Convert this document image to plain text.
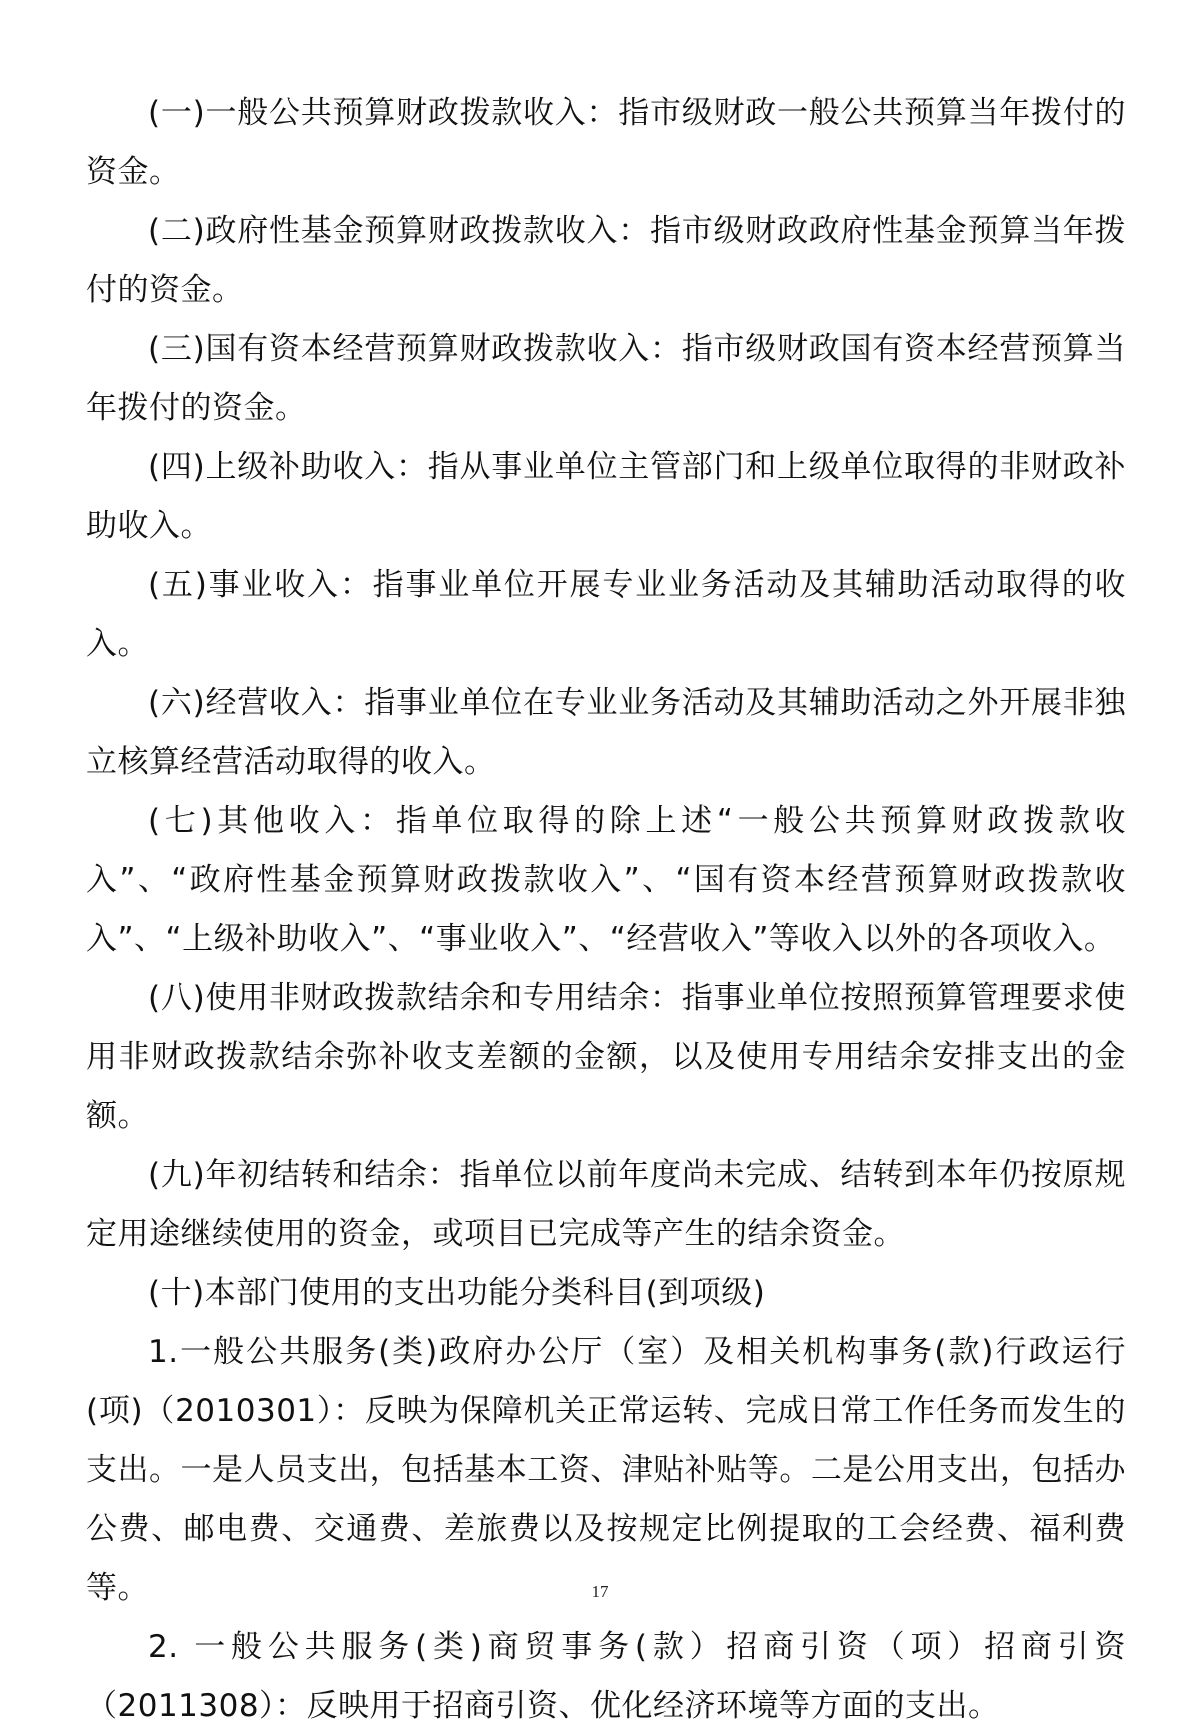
(一)一般公共预算财政拨款收入：指市级财政一般公共预算当年拨付的资金。

(二)政府性基金预算财政拨款收入：指市级财政政府性基金预算当年拨付的资金。

(三)国有资本经营预算财政拨款收入：指市级财政国有资本经营预算当年拨付的资金。

(四)上级补助收入：指从事业单位主管部门和上级单位取得的非财政补助收入。

(五)事业收入：指事业单位开展专业业务活动及其辅助活动取得的收入。

(六)经营收入：指事业单位在专业业务活动及其辅助活动之外开展非独立核算经营活动取得的收入。

(七)其他收入：指单位取得的除上述“一般公共预算财政拨款收入”、“政府性基金预算财政拨款收入”、“国有资本经营预算财政拨款收入”、“上级补助收入”、“事业收入”、“经营收入”等收入以外的各项收入。

(八)使用非财政拨款结余和专用结余：指事业单位按照预算管理要求使用非财政拨款结余弥补收支差额的金额，以及使用专用结余安排支出的金额。

(九)年初结转和结余：指单位以前年度尚未完成、结转到本年仍按原规定用途继续使用的资金，或项目已完成等产生的结余资金。

(十)本部门使用的支出功能分类科目(到项级)

1.一般公共服务(类)政府办公厅（室）及相关机构事务(款)行政运行(项)（2010301）：反映为保障机关正常运转、完成日常工作任务而发生的支出。一是人员支出，包括基本工资、津贴补贴等。二是公用支出，包括办公费、邮电费、交通费、差旅费以及按规定比例提取的工会经费、福利费等。

2. 一般公共服务(类)商贸事务(款）招商引资（项）招商引资（2011308）：反映用于招商引资、优化经济环境等方面的支出。

17
